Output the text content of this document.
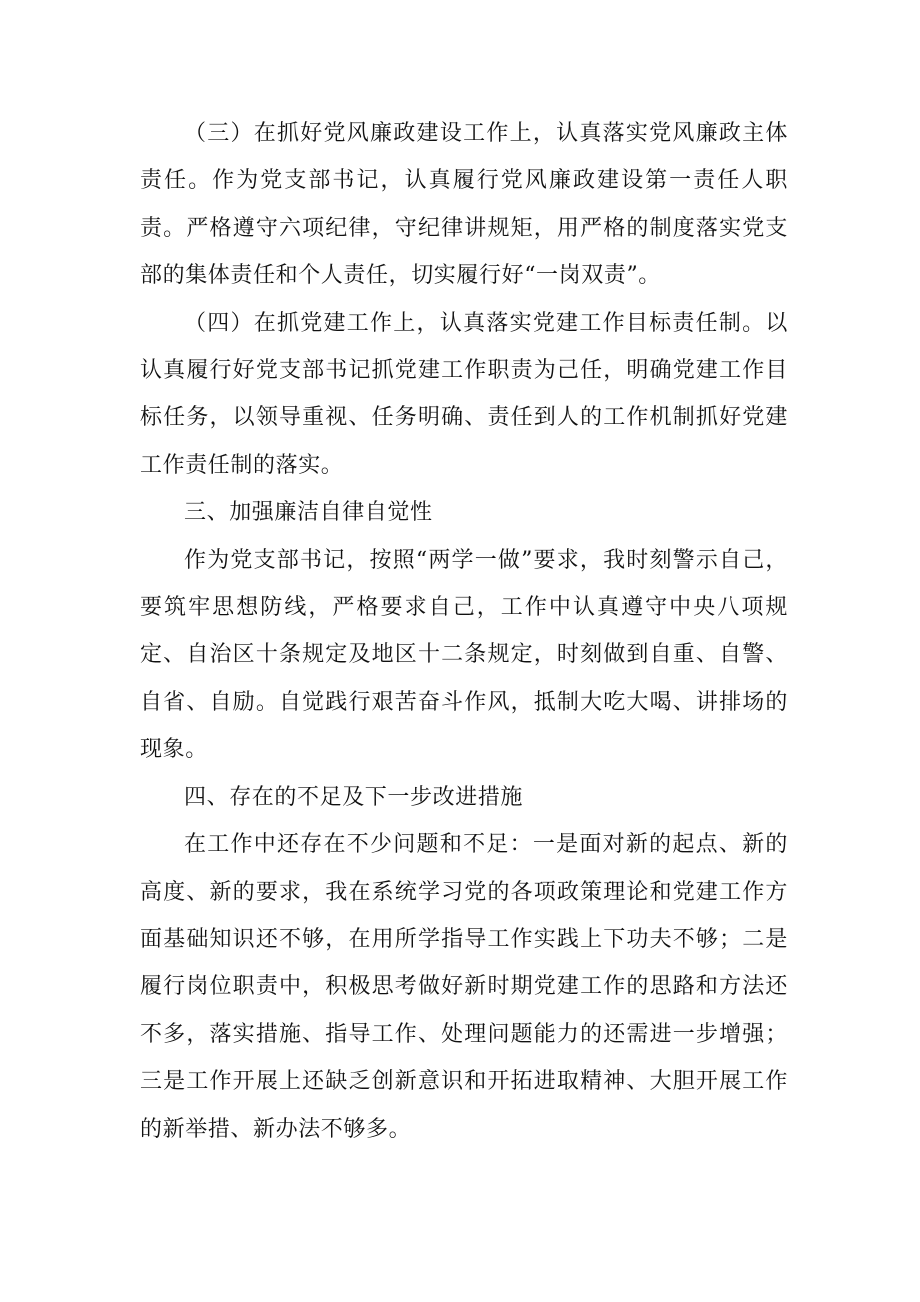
（三）在抓好党风廉政建设工作上，认真落实党风廉政主体责任。作为党支部书记，认真履行党风廉政建设第一责任人职责。严格遵守六项纪律，守纪律讲规矩，用严格的制度落实党支部的集体责任和个人责任，切实履行好“一岗双责”。

（四）在抓党建工作上，认真落实党建工作目标责任制。以认真履行好党支部书记抓党建工作职责为己任，明确党建工作目标任务，以领导重视、任务明确、责任到人的工作机制抓好党建工作责任制的落实。

三、加强廉洁自律自觉性

作为党支部书记，按照“两学一做”要求，我时刻警示自己，要筑牢思想防线，严格要求自己，工作中认真遵守中央八项规定、自治区十条规定及地区十二条规定，时刻做到自重、自警、自省、自励。自觉践行艰苦奋斗作风，抵制大吃大喝、讲排场的现象。

四、存在的不足及下一步改进措施

在工作中还存在不少问题和不足：一是面对新的起点、新的高度、新的要求，我在系统学习党的各项政策理论和党建工作方面基础知识还不够，在用所学指导工作实践上下功夫不够；二是履行岗位职责中，积极思考做好新时期党建工作的思路和方法还不多，落实措施、指导工作、处理问题能力的还需进一步增强；三是工作开展上还缺乏创新意识和开拓进取精神、大胆开展工作的新举措、新办法不够多。
